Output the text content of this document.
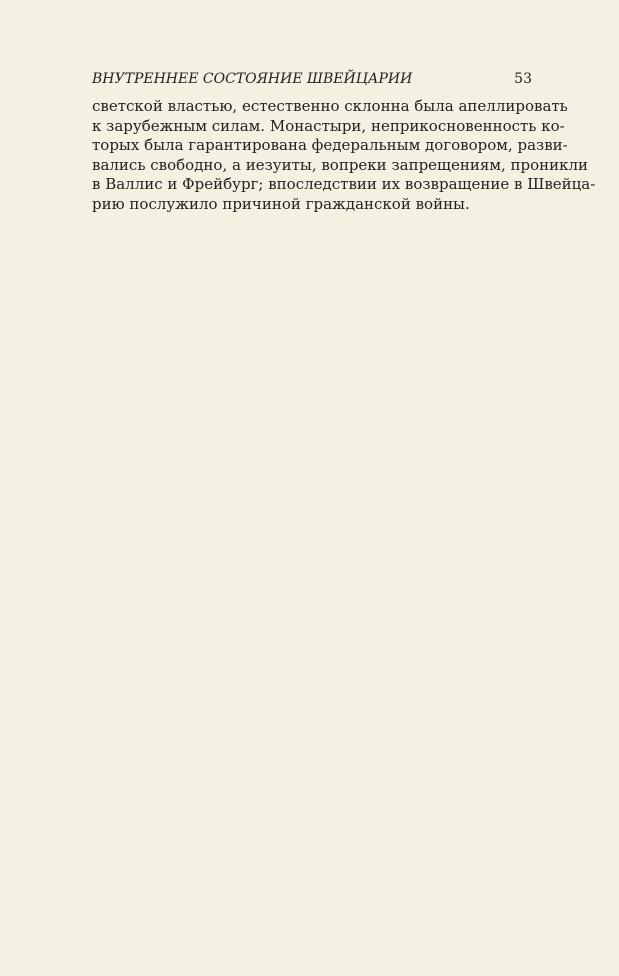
ВНУТРЕННЕЕ СОСТОЯНИЕ ШВЕЙЦАРИИ	53
светской властью, естественно склонна была апеллировать
к зарубежным силам. Монастыри, неприкосновенность ко-
торых была гарантирована федеральным договором, разви-
вались свободно, а иезуиты, вопреки запрещениям, проникли
в Валлис и Фрейбург; впоследствии их возвращение в Швейца-
рию послужило причиной гражданской войны.
